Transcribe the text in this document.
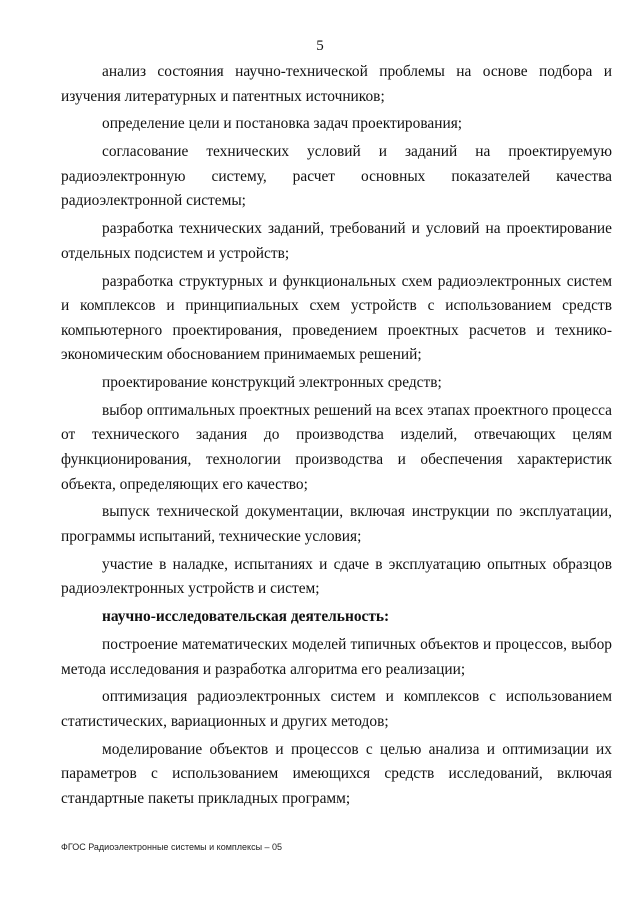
5

анализ состояния научно-технической проблемы на основе подбора и изучения литературных и патентных источников;

определение цели и постановка задач проектирования;

согласование технических условий и заданий на проектируемую радиоэлектронную систему, расчет основных показателей качества радиоэлектронной системы;

разработка технических заданий, требований и условий на проектирование отдельных подсистем и устройств;

разработка структурных и функциональных схем радиоэлектронных систем и комплексов и принципиальных схем устройств с использованием средств компьютерного проектирования, проведением проектных расчетов и технико-экономическим обоснованием принимаемых решений;

проектирование конструкций электронных средств;

выбор оптимальных проектных решений на всех этапах проектного процесса от технического задания до производства изделий, отвечающих целям функционирования, технологии производства и обеспечения характеристик объекта, определяющих его качество;

выпуск технической документации, включая инструкции по эксплуатации, программы испытаний, технические условия;

участие в наладке, испытаниях и сдаче в эксплуатацию опытных образцов радиоэлектронных устройств и систем;

научно-исследовательская деятельность:

построение математических моделей типичных объектов и процессов, выбор метода исследования и разработка алгоритма его реализации;

оптимизация радиоэлектронных систем и комплексов с использованием статистических, вариационных и других методов;

моделирование объектов и процессов с целью анализа и оптимизации их параметров с использованием имеющихся средств исследований, включая стандартные пакеты прикладных программ;

ФГОС Радиоэлектронные системы и комплексы – 05
